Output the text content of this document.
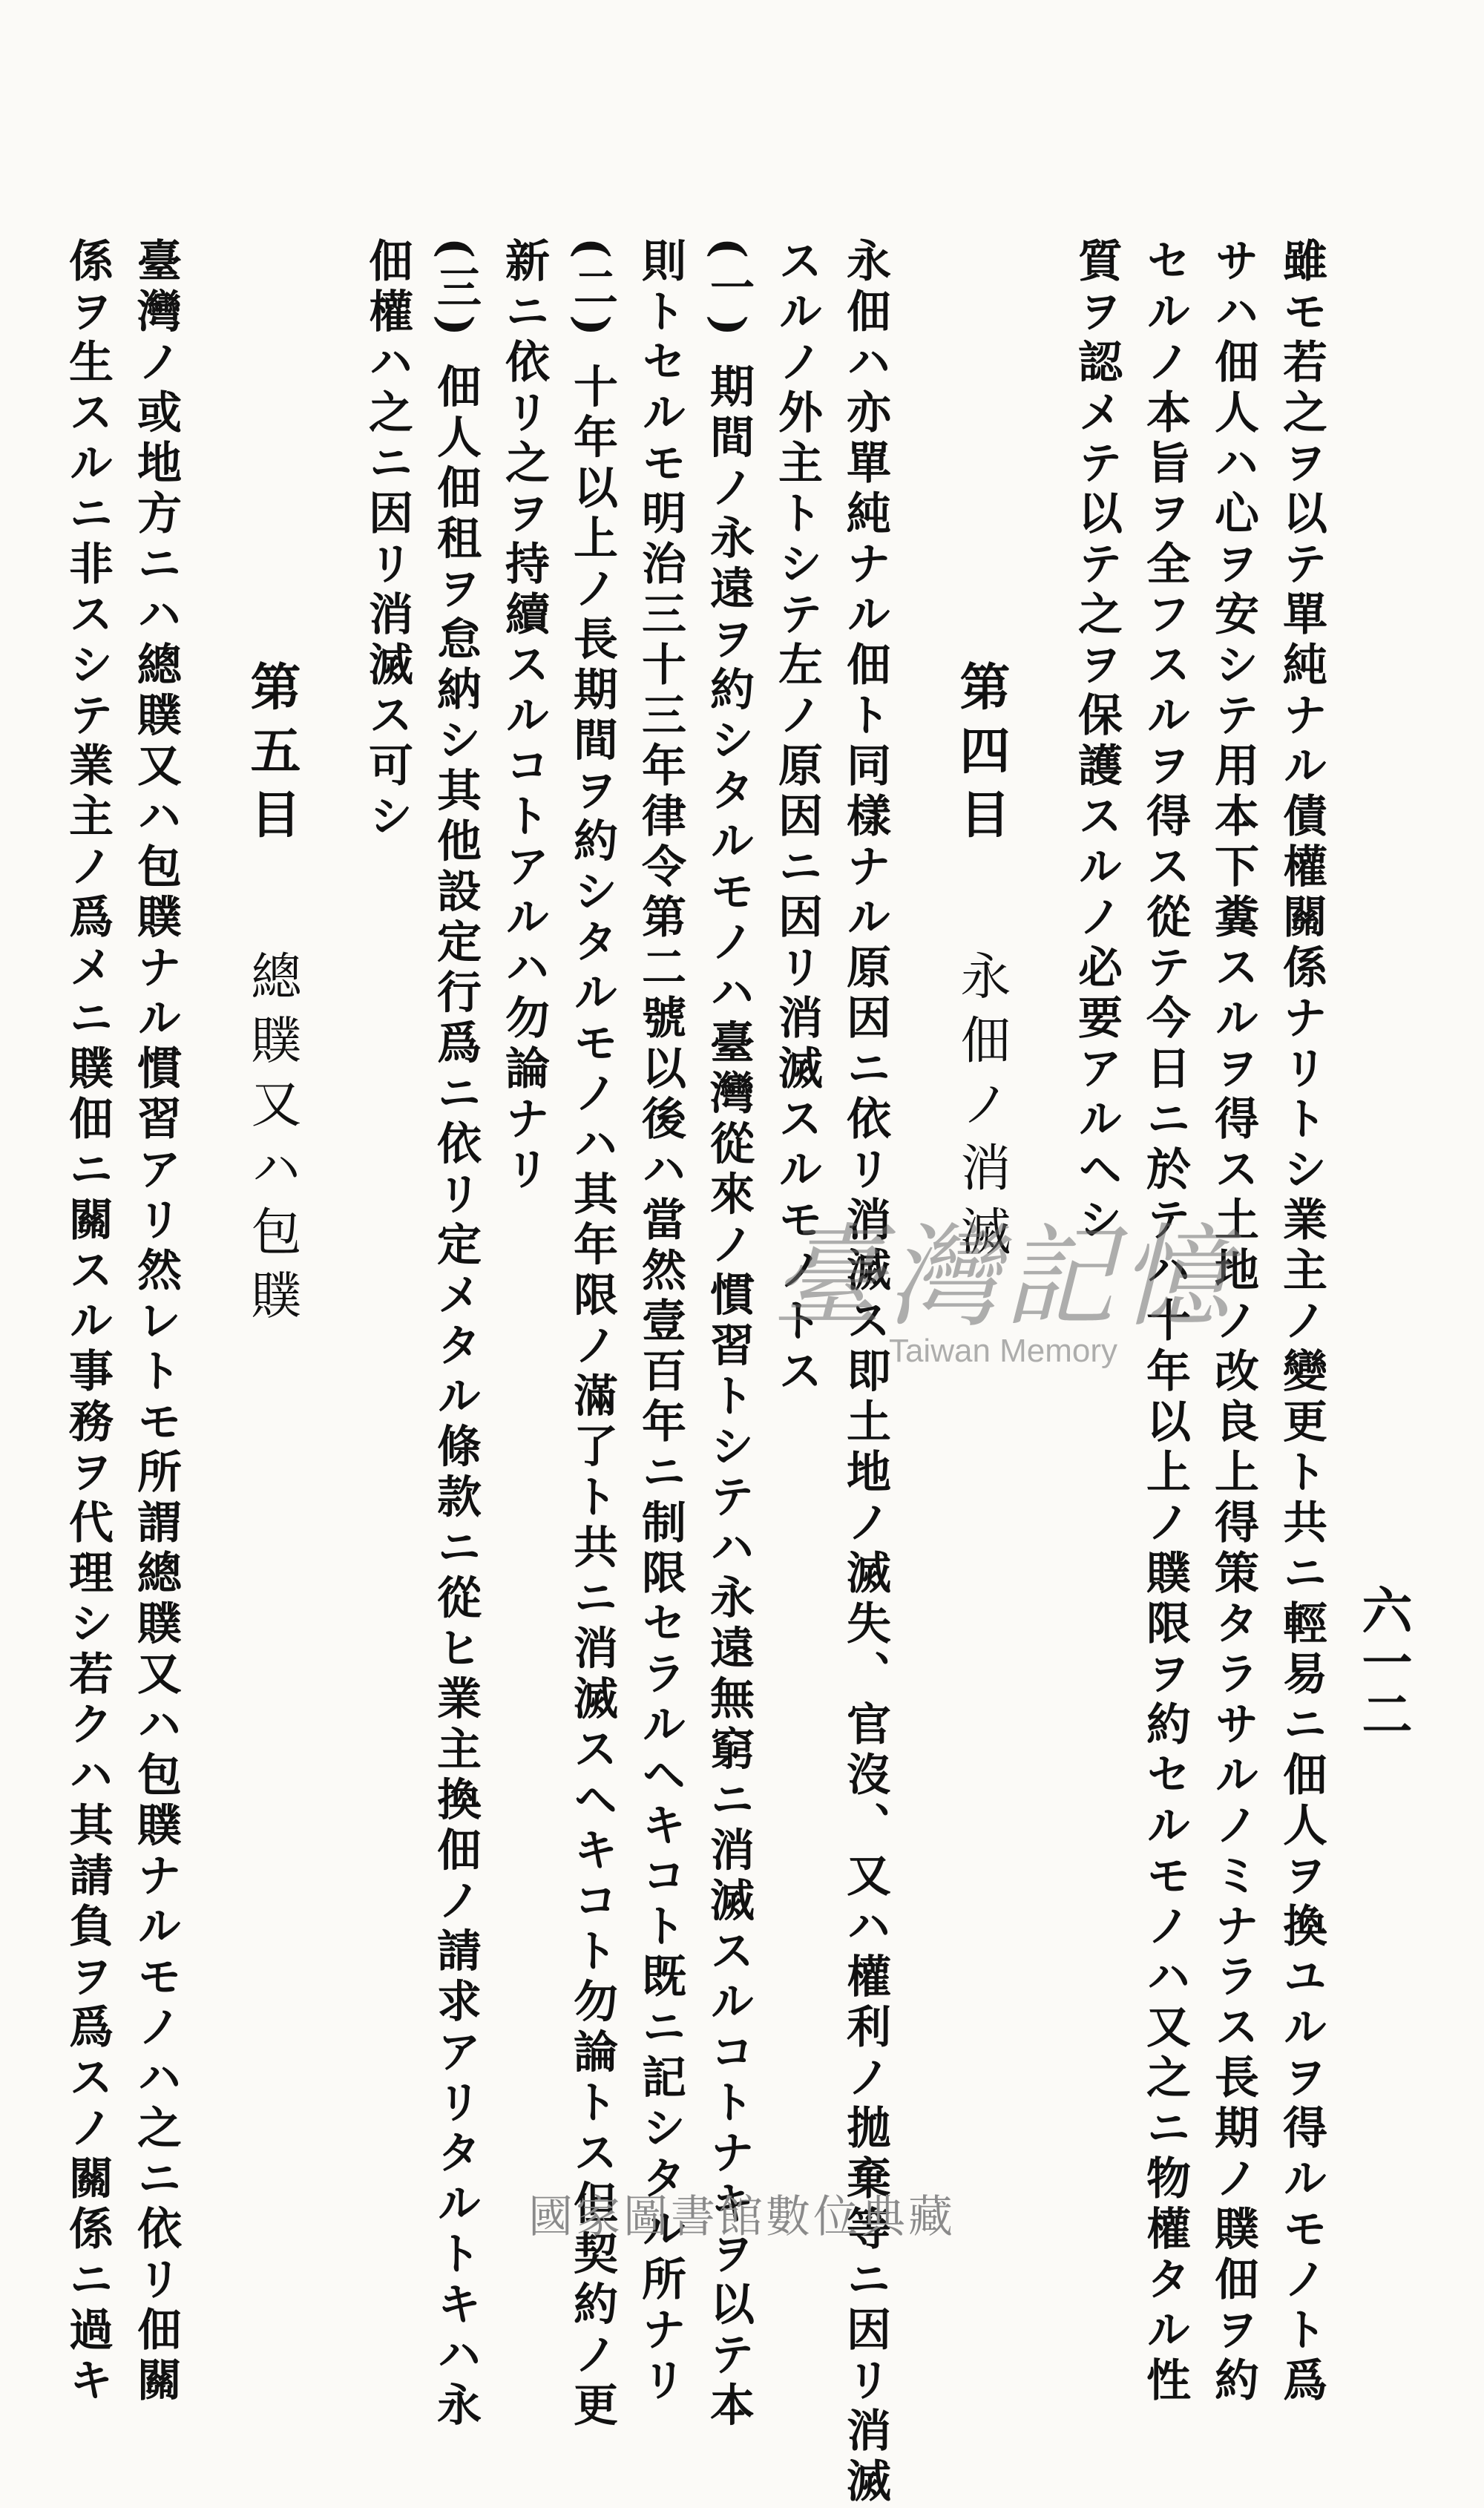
六一二
雖モ若之ヲ以テ單純ナル債權關係ナリトシ業主ノ變更ト共ニ輕易ニ佃人ヲ換ユルヲ得ルモノト爲
サハ佃人ハ心ヲ安シテ用本下糞スルヲ得ス土地ノ改良上得策タラサルノミナラス長期ノ贌佃ヲ約
セルノ本旨ヲ全フスルヲ得ス從テ今日ニ於テハ十年以上ノ贌限ヲ約セルモノハ又之ニ物權タル性
質ヲ認メテ以テ之ヲ保護スルノ必要アルヘシ
第四目 永佃ノ消滅
永佃ハ亦單純ナル佃ト同樣ナル原因ニ依リ消滅ス即土地ノ滅失、官沒、又ハ權利ノ拋棄等ニ因リ消滅
スルノ外主トシテ左ノ原因ニ因リ消滅スルモノトス
(一) 期間ノ永遠ヲ約シタルモノハ臺灣從來ノ慣習トシテハ永遠無窮ニ消滅スルコトナキヲ以テ本
則トセルモ明治三十三年律令第二號以後ハ當然壹百年ニ制限セラルヘキコト既ニ記シタル所ナリ
(二) 十年以上ノ長期間ヲ約シタルモノハ其年限ノ滿了ト共ニ消滅スヘキコト勿論トス但契約ノ更
新ニ依リ之ヲ持續スルコトアルハ勿論ナリ
(三) 佃人佃租ヲ怠納シ其他設定行爲ニ依リ定メタル條款ニ從ヒ業主換佃ノ請求アリタルトキハ永
佃權ハ之ニ因リ消滅ス可シ
第五目 總贌又ハ包贌
臺灣ノ或地方ニハ總贌又ハ包贌ナル慣習アリ然レトモ所謂總贌又ハ包贌ナルモノハ之ニ依リ佃關
係ヲ生スルニ非スシテ業主ノ爲メニ贌佃ニ關スル事務ヲ代理シ若クハ其請負ヲ爲スノ關係ニ過キ	臺灣記憶
Taiwan Memory
國家圖書館數位典藏
